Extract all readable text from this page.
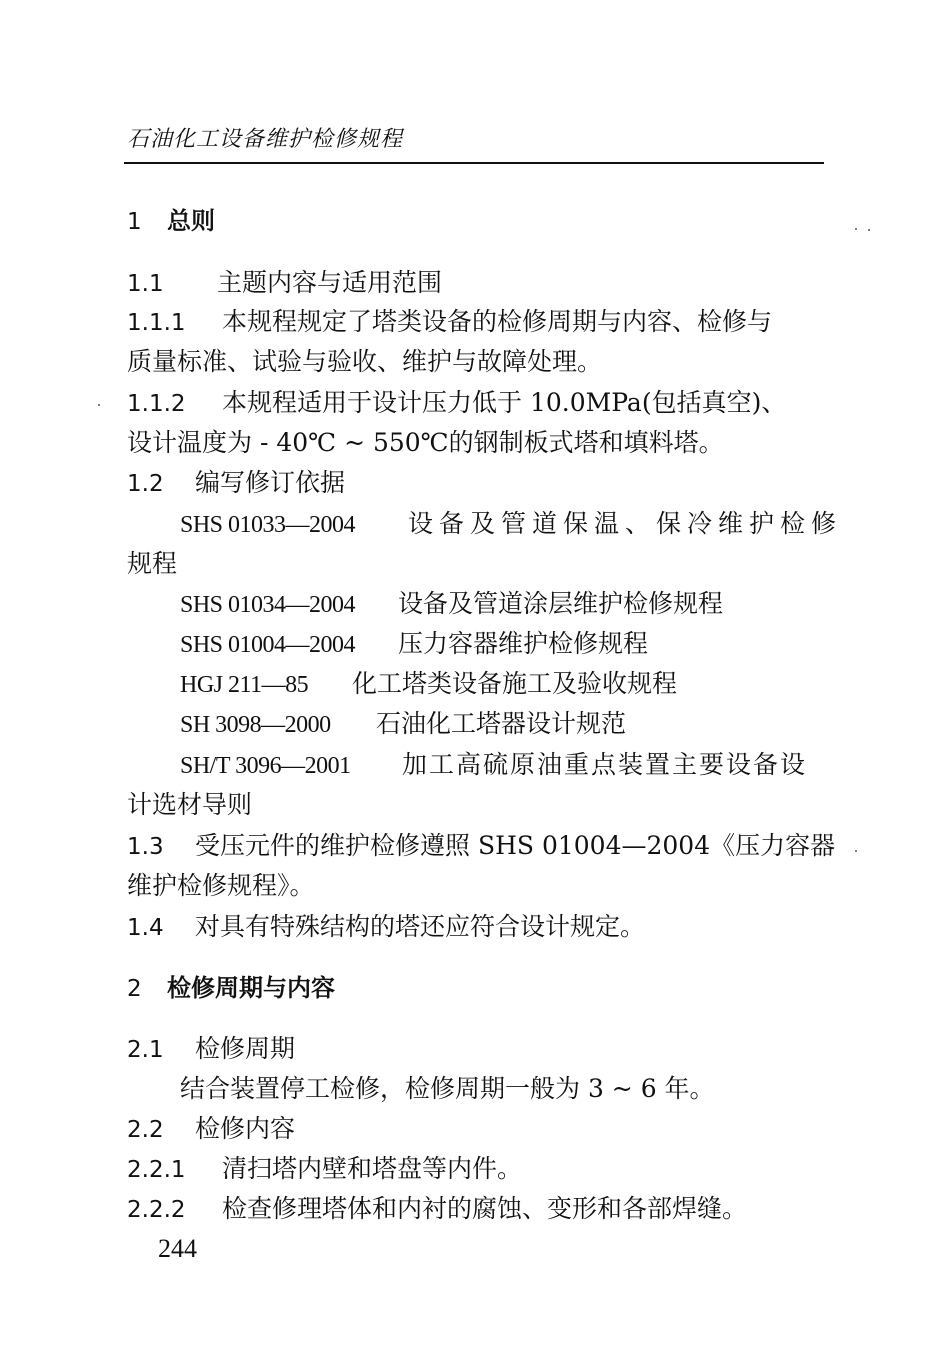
石油化工设备维护检修规程
1 总则
1.1 主题内容与适用范围
1.1.1 本规程规定了塔类设备的检修周期与内容、检修与
质量标准、试验与验收、维护与故障处理。
1.1.2 本规程适用于设计压力低于 10.0MPa(包括真空)、
设计温度为 - 40℃ ~ 550℃的钢制板式塔和填料塔。
1.2 编写修订依据
SHS 01033—2004 设备及管道保温、保冷维护检修
规程
SHS 01034—2004 设备及管道涂层维护检修规程
SHS 01004—2004 压力容器维护检修规程
HGJ 211—85 化工塔类设备施工及验收规程
SH 3098—2000 石油化工塔器设计规范
SH/T 3096—2001 加工高硫原油重点装置主要设备设
计选材导则
1.3 受压元件的维护检修遵照 SHS 01004—2004《压力容器
维护检修规程》。
1.4 对具有特殊结构的塔还应符合设计规定。
2 检修周期与内容
2.1 检修周期
结合装置停工检修，检修周期一般为 3 ~ 6 年。
2.2 检修内容
2.2.1 清扫塔内壁和塔盘等内件。
2.2.2 检查修理塔体和内衬的腐蚀、变形和各部焊缝。
244
